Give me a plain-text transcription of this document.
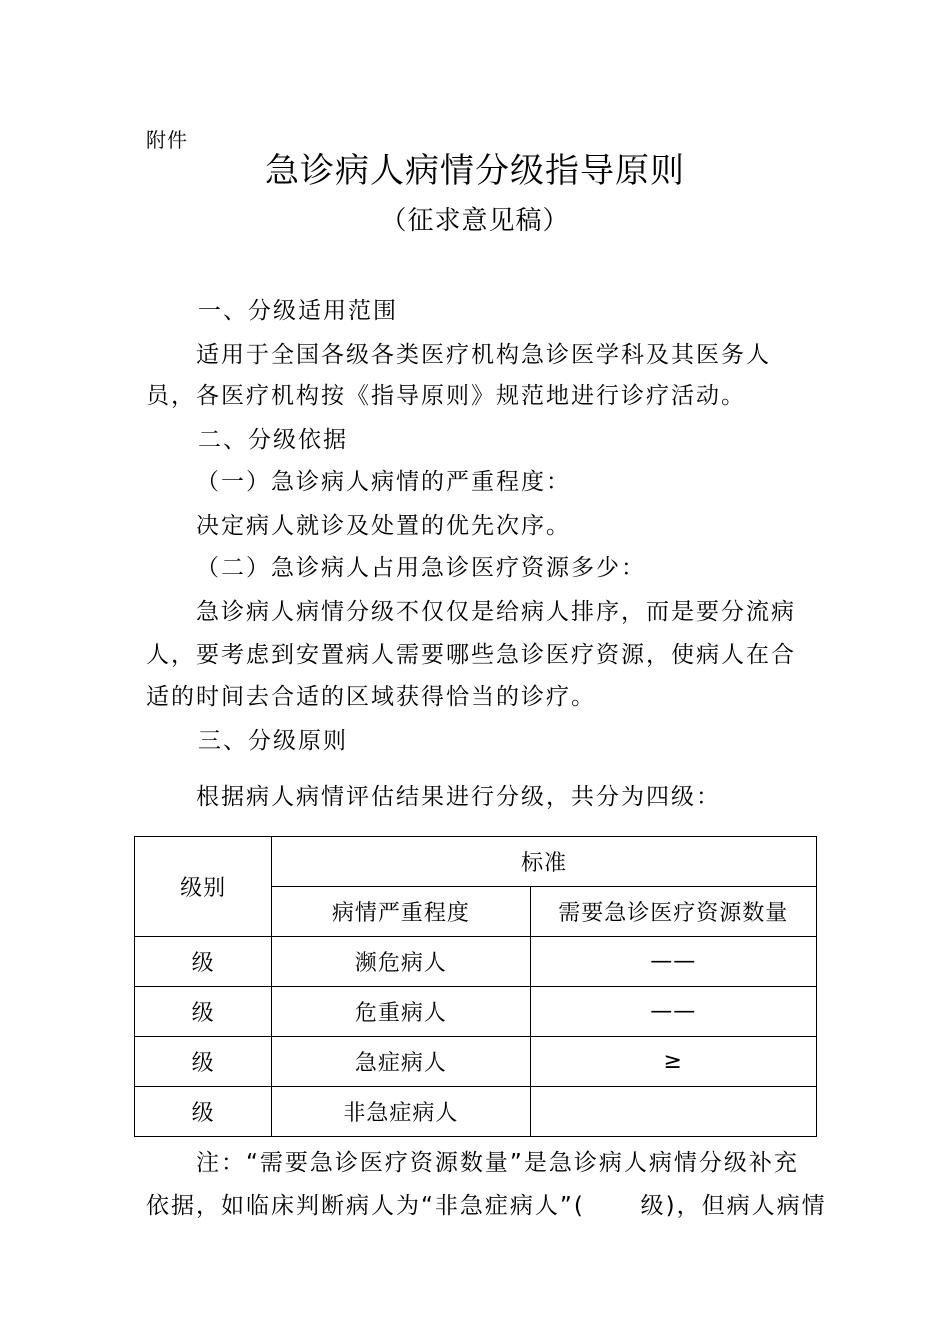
附件
急诊病人病情分级指导原则
（征求意见稿）
一、分级适用范围
适用于全国各级各类医疗机构急诊医学科及其医务人
员，各医疗机构按《指导原则》规范地进行诊疗活动。
二、分级依据
（一）急诊病人病情的严重程度：
决定病人就诊及处置的优先次序。
（二）急诊病人占用急诊医疗资源多少：
急诊病人病情分级不仅仅是给病人排序，而是要分流病
人，要考虑到安置病人需要哪些急诊医疗资源，使病人在合
适的时间去合适的区域获得恰当的诊疗。
三、分级原则
根据病人病情评估结果进行分级，共分为四级：
级别	标准	
	病情严重程度	需要急诊医疗资源数量
级	濒危病人	——
级	危重病人	——
级	急症病人	≥
级	非急症病人	
注：“需要急诊医疗资源数量”是急诊病人病情分级补充
依据，如临床判断病人为“非急症病人”(      级)，但病人病情
